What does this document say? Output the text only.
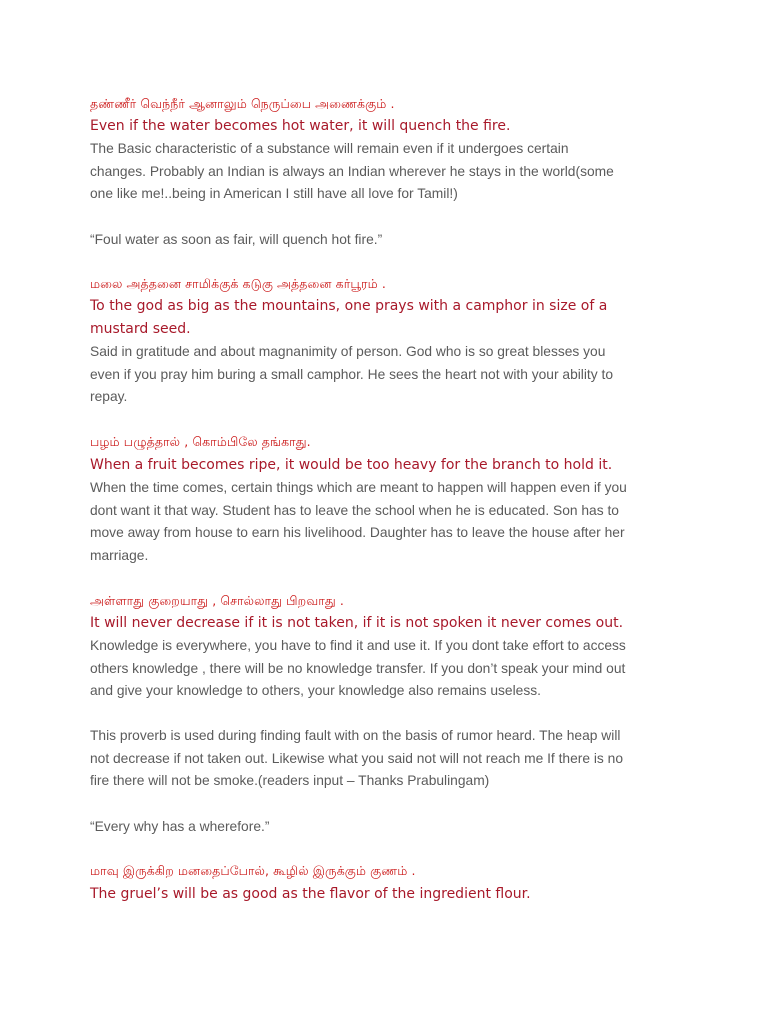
தண்ணீர் வெந்நீர் ஆனாலும் நெருப்பை அணைக்கும் .
Even if the water becomes hot water, it will quench the fire.
The Basic characteristic of a substance will remain even if it undergoes certain
changes. Probably an Indian is always an Indian wherever he stays in the world(some
one like me!..being in American I still have all love for Tamil!)
“Foul water as soon as fair, will quench hot fire.”
மலை அத்தனை சாமிக்குக் கடுகு அத்தனை கர்பூரம் .
To the god as big as the mountains, one prays with a camphor in size of a
mustard seed.
Said in gratitude and about magnanimity of person. God who is so great blesses you
even if you pray him buring a small camphor. He sees the heart not with your ability to
repay.
பழம் பழுத்தால் , கொம்பிலே தங்காது.
When a fruit becomes ripe, it would be too heavy for the branch to hold it.
When the time comes, certain things which are meant to happen will happen even if you
dont want it that way. Student has to leave the school when he is educated. Son has to
move away from house to earn his livelihood. Daughter has to leave the house after her
marriage.
அள்ளாது குறையாது , சொல்லாது பிறவாது .
It will never decrease if it is not taken, if it is not spoken it never comes out.
Knowledge is everywhere, you have to find it and use it. If you dont take effort to access
others knowledge , there will be no knowledge transfer. If you don’t speak your mind out
and give your knowledge to others, your knowledge also remains useless.
This proverb is used during finding fault with on the basis of rumor heard. The heap will
not decrease if not taken out. Likewise what you said not will not reach me If there is no
fire there will not be smoke.(readers input – Thanks Prabulingam)
“Every why has a wherefore.”
மாவு இருக்கிற மனதைப்போல், கூழில் இருக்கும் குணம் .
The gruel’s will be as good as the flavor of the ingredient flour.
